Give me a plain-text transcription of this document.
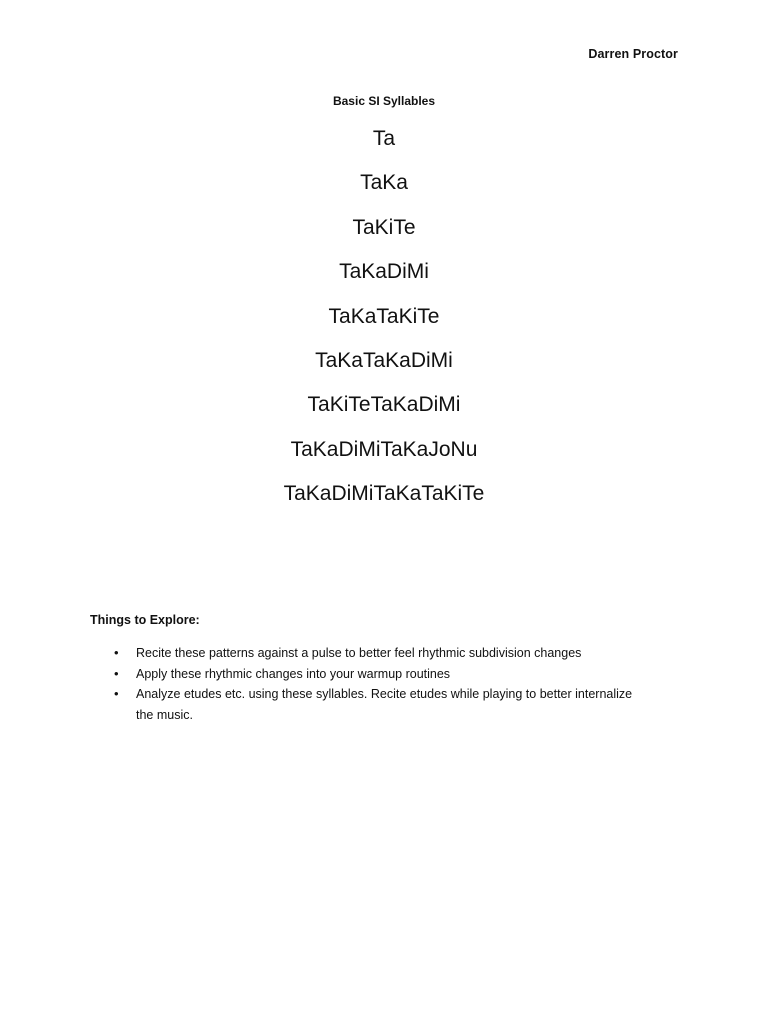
Darren Proctor
Basic SI Syllables
Ta
TaKa
TaKiTe
TaKaDiMi
TaKaTaKiTe
TaKaTaKaDiMi
TaKiTeTaKaDiMi
TaKaDiMiTaKaJoNu
TaKaDiMiTaKaTaKiTe
Things to Explore:
• Recite these patterns against a pulse to better feel rhythmic subdivision changes
• Apply these rhythmic changes into your warmup routines
• Analyze etudes etc. using these syllables. Recite etudes while playing to better internalize the music.
